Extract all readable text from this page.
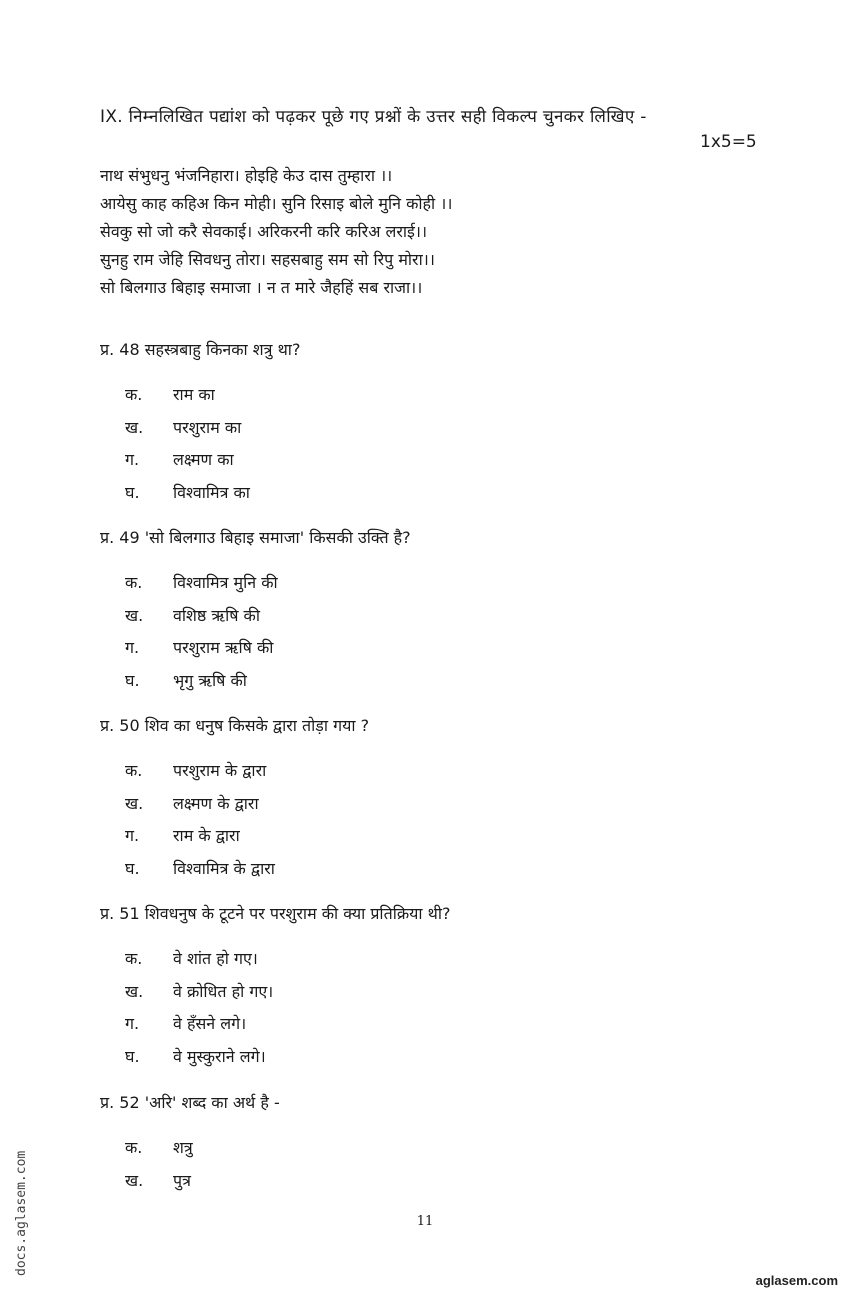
IX. निम्नलिखित पद्यांश को पढ़कर पूछे गए प्रश्नों के उत्तर सही विकल्प चुनकर लिखिए -
1x5=5
नाथ संभुधनु भंजनिहारा। होइहि केउ दास तुम्हारा ।।
आयेसु काह कहिअ किन मोही। सुनि रिसाइ बोले मुनि कोही ।।
सेवकु सो जो करै सेवकाई। अरिकरनी करि करिअ लराई।।
सुनहु राम जेहि सिवधनु तोरा। सहसबाहु सम सो रिपु मोरा।।
सो बिलगाउ बिहाइ समाजा । न त मारे जैहहिं सब राजा।।
प्र. 48 सहस्त्रबाहु किनका शत्रु था?
क.	राम का
ख.	परशुराम का
ग.	लक्ष्मण का
घ.	विश्वामित्र का
प्र. 49 'सो बिलगाउ बिहाइ समाजा' किसकी उक्ति है?
क.	विश्वामित्र मुनि की
ख.	वशिष्ठ ऋषि की
ग.	परशुराम ऋषि की
घ.	भृगु ऋषि की
प्र. 50 शिव का धनुष किसके द्वारा तोड़ा गया ?
क.	परशुराम के द्वारा
ख.	लक्ष्मण के द्वारा
ग.	राम के द्वारा
घ.	विश्वामित्र के द्वारा
प्र. 51 शिवधनुष के टूटने पर परशुराम की क्या प्रतिक्रिया थी?
क.	वे शांत हो गए।
ख.	वे क्रोधित हो गए।
ग.	वे हँसने लगे।
घ.	वे मुस्कुराने लगे।
प्र. 52 'अरि' शब्द का अर्थ है -
क.	शत्रु
ख.	पुत्र
11
docs.aglasem.com
aglasem.com
